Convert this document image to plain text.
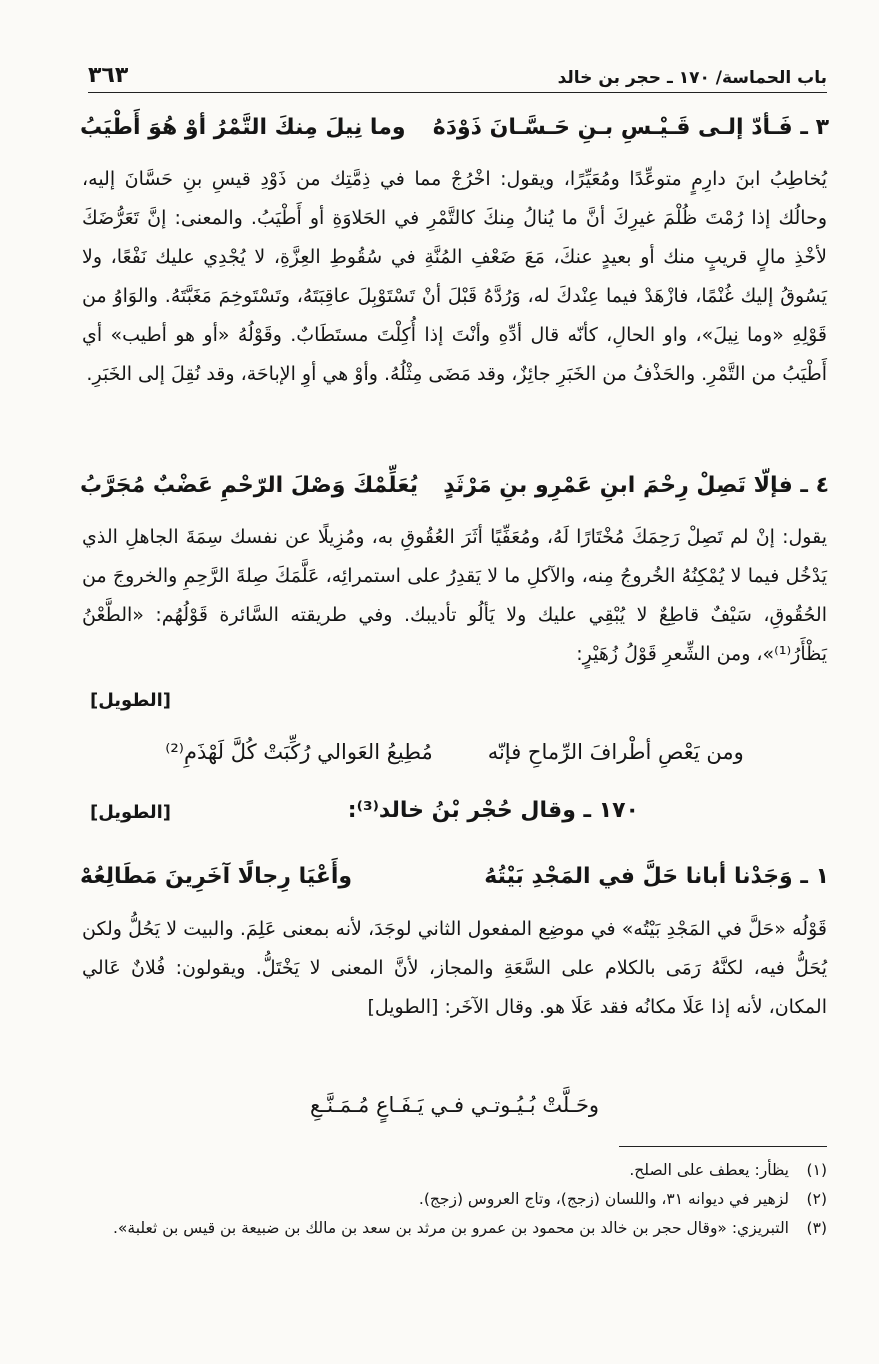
باب الحماسة/ ١٧٠ ـ حجر بن خالد
٣٦٣
٣ ـ فَـأدّ إلـى قَـيْـسِ بـنِ حَـسَّـانَ ذَوْدَهُ
وما نِيلَ مِنكَ التَّمْرُ أوْ هُوَ أَطْيَبُ

يُخاطِبُ ابنَ دارِمٍ متوعِّدًا ومُعَيِّرًا، ويقول: اخْرُجْ مما في ذِمَّتِك من ذَوْدِ قيسِ بنِ حَسَّانَ إليه، وحالُك إذا رُمْتَ ظُلْمَ غيرِكَ أنَّ ما يُنالُ مِنكَ كالتَّمْرِ في الحَلاوَةِ أو أَطْيَبُ. والمعنى: إنَّ تَعَرُّضَكَ لأخْذِ مالٍ قريبٍ منك أو بعيدٍ عنكَ، مَعَ ضَعْفِ المُنَّةِ في سُقُوطِ العِزَّةِ، لا يُجْدِي عليك نَفْعًا، ولا يَسُوقُ إليك غُنْمًا، فازْهَدْ فيما عِنْدكَ له، وَرُدَّهُ قَبْلَ أنْ تَسْتَوْبِلَ عاقِبَتَهُ، وتَسْتَوخِمَ مَغَبَّتَهُ. والوَاوُ من قَوْلِهِ «وما نِيلَ»، واو الحالِ، كأنّه قال أدِّهِ وأنْتَ إذا أُكِلْتَ مستَطَابٌ. وقَوْلُهُ «أو هو أطيب» أي أَطْيَبُ من التَّمْرِ. والحَذْفُ من الخَبَرِ جائِزٌ، وقد مَضَى مِثْلُهُ. وأوْ هي أوِ الإباحَة، وقد نُقِلَ إلى الخَبَرِ.

٤ ـ فإلّا تَصِلْ رِحْمَ ابنِ عَمْرِو بنِ مَرْثَدٍ
يُعَلِّمْكَ وَصْلَ الرّحْمِ عَضْبٌ مُجَرَّبُ

يقول: إنْ لم تَصِلْ رَحِمَكَ مُخْتَارًا لَهُ، ومُعَفِّيًا أثَرَ العُقُوقِ به، ومُزِيلًا عن نفسك سِمَةَ الجاهلِ الذي يَدْخُل فيما لا يُمْكِنُهُ الخُروجُ مِنه، والآكلِ ما لا يَقدِرُ على استمرائِه، عَلَّمَكَ صِلةَ الرَّحِمِ والخروجَ من الحُقُوقِ، سَيْفٌ قاطِعٌ لا يُبْقِي عليك ولا يَألُو تأديبك. وفي طريقته السَّائرة قَوْلُهُم: «الطَّعْنُ يَظْأَرُ⁽¹⁾»، ومن الشِّعرِ قَوْلُ زُهَيْرٍ:

[الطويل]
ومن يَعْصِ أطْرافَ الرِّماحِ فإنّه
مُطِيعُ العَوالي رُكِّبَتْ كُلَّ لَهْذَمِ⁽²⁾
١٧٠ ـ وقال حُجْر بْنُ خالد⁽³⁾:
[الطويل]
١ ـ وَجَدْنا أبانا حَلَّ في المَجْدِ بَيْتُهُ
وأَعْيَا رِجالًا آخَرِينَ مَطَالِعُهْ

قَوْلُه «حَلَّ في المَجْدِ بَيْتُه» في موضِع المفعول الثاني لوجَدَ، لأنه بمعنى عَلِمَ. والبيت لا يَحُلُّ ولكن يُحَلُّ فيه، لكنَّهُ رَمَى بالكلام على السَّعَةِ والمجاز، لأنَّ المعنى لا يَخْتَلُّ. ويقولون: فُلانٌ عَالي المكان، لأنه إذا عَلَا مكانُه فقد عَلَا هو. وقال الآخَر: [الطويل]

وحَـلَّتْ بُـيُـوتـي فـي يَـفَـاعٍ مُـمَـنَّـعِ
(١)
يظأر: يعطف على الصلح.
(٢)
لزهير في ديوانه ٣١، واللسان (زجج)، وتاج العروس (زجج).
(٣)
التبريزي: «وقال حجر بن خالد بن محمود بن عمرو بن مرثد بن سعد بن مالك بن ضبيعة بن قيس بن ثعلبة».
